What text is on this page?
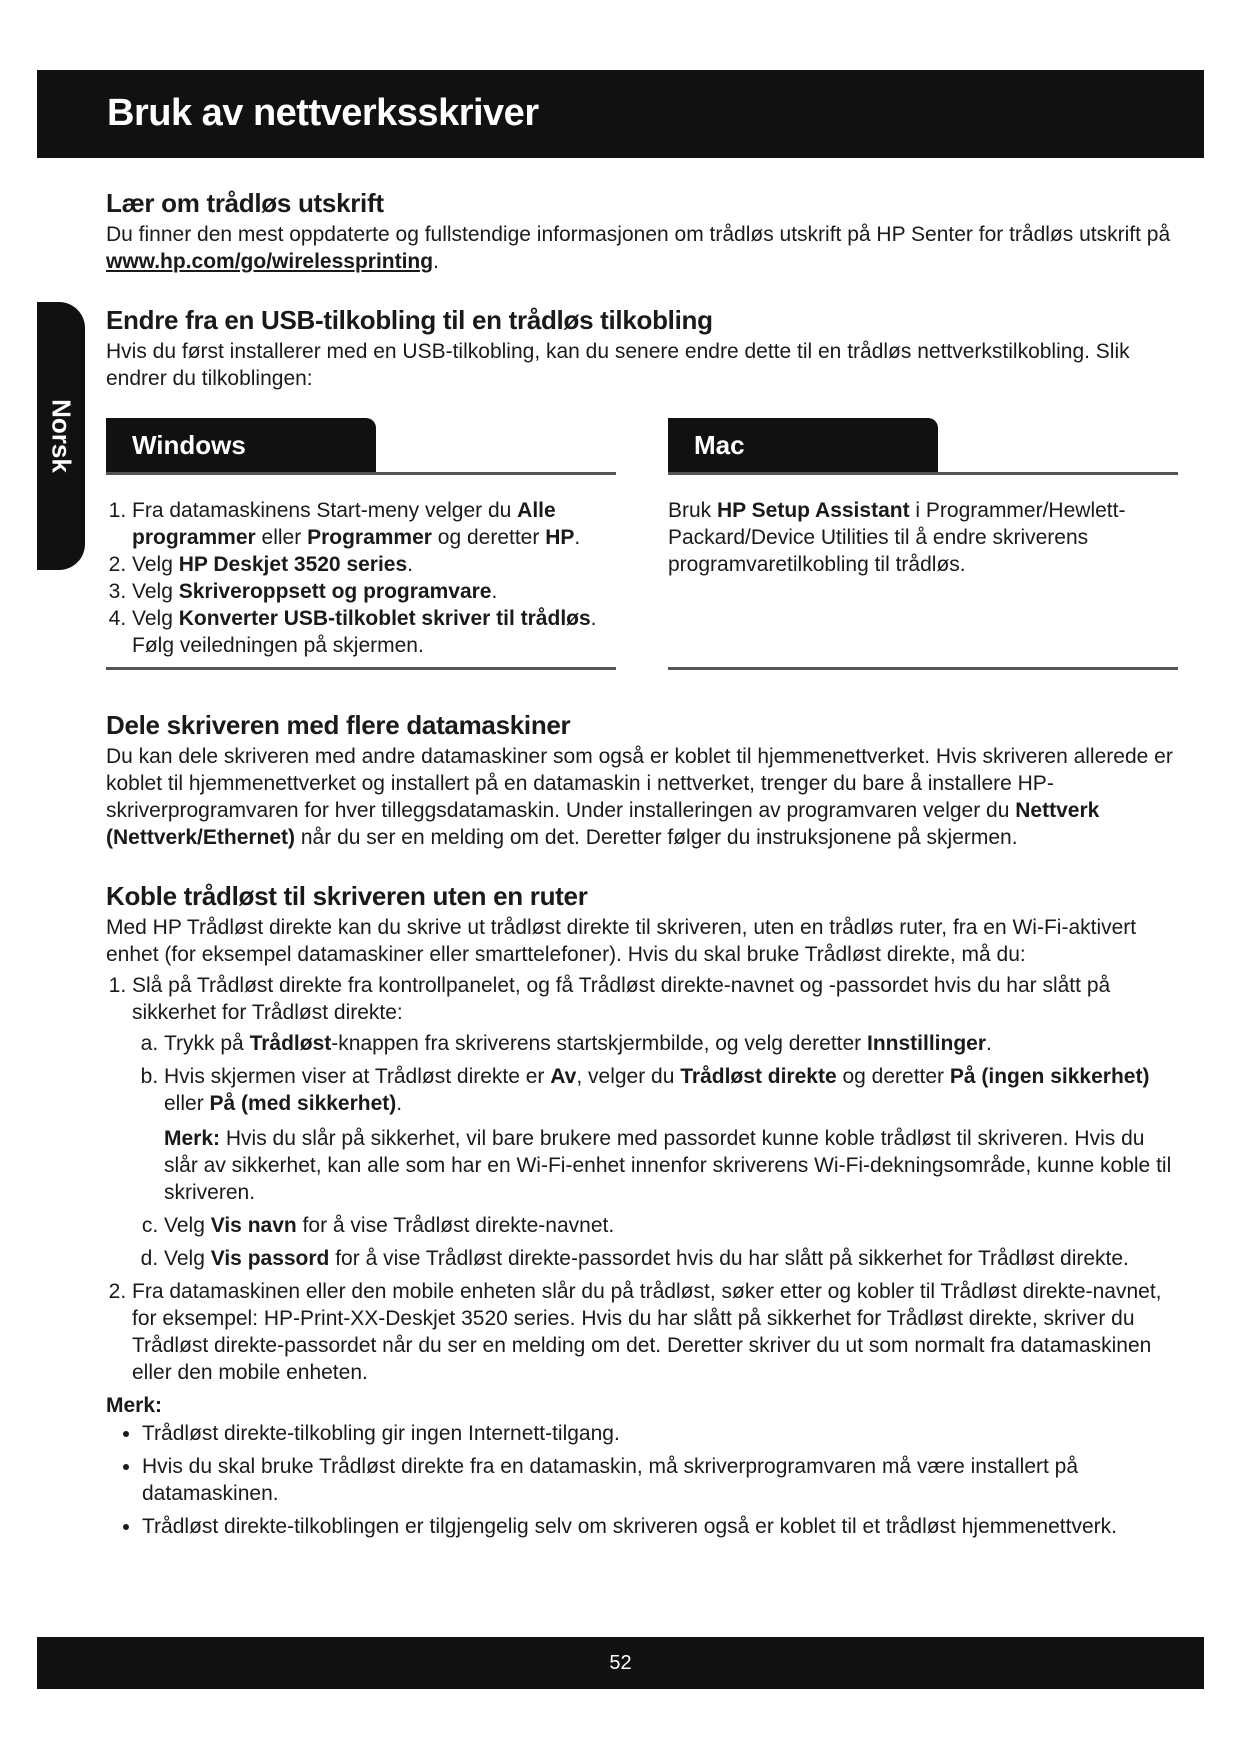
Bruk av nettverksskriver
Norsk
Lær om trådløs utskrift

Du finner den mest oppdaterte og fullstendige informasjonen om trådløs utskrift på HP Senter for trådløs utskrift på www.hp.com/go/wirelessprinting.

Endre fra en USB-tilkobling til en trådløs tilkobling

Hvis du først installerer med en USB-tilkobling, kan du senere endre dette til en trådløs nettverkstilkobling. Slik endrer du tilkoblingen:

Windows
1. Fra datamaskinens Start-meny velger du Alle programmer eller Programmer og deretter HP.
2. Velg HP Deskjet 3520 series.
3. Velg Skriveroppsett og programvare.
4. Velg Konverter USB-tilkoblet skriver til trådløs. Følg veiledningen på skjermen.
Mac

Bruk HP Setup Assistant i Programmer/Hewlett-Packard/Device Utilities til å endre skriverens programvaretilkobling til trådløs.

Dele skriveren med flere datamaskiner

Du kan dele skriveren med andre datamaskiner som også er koblet til hjemmenettverket. Hvis skriveren allerede er koblet til hjemmenettverket og installert på en datamaskin i nettverket, trenger du bare å installere HP-skriverprogramvaren for hver tilleggsdatamaskin. Under installeringen av programvaren velger du Nettverk (Nettverk/Ethernet) når du ser en melding om det. Deretter følger du instruksjonene på skjermen.

Koble trådløst til skriveren uten en ruter

Med HP Trådløst direkte kan du skrive ut trådløst direkte til skriveren, uten en trådløs ruter, fra en Wi-Fi-aktivert enhet (for eksempel datamaskiner eller smarttelefoner). Hvis du skal bruke Trådløst direkte, må du:

1. Slå på Trådløst direkte fra kontrollpanelet, og få Trådløst direkte-navnet og -passordet hvis du har slått på sikkerhet for Trådløst direkte:
a. Trykk på Trådløst-knappen fra skriverens startskjermbilde, og velg deretter Innstillinger.
b. Hvis skjermen viser at Trådløst direkte er Av, velger du Trådløst direkte og deretter På (ingen sikkerhet) eller På (med sikkerhet).

Merk: Hvis du slår på sikkerhet, vil bare brukere med passordet kunne koble trådløst til skriveren. Hvis du slår av sikkerhet, kan alle som har en Wi-Fi-enhet innenfor skriverens Wi-Fi-dekningsområde, kunne koble til skriveren.

c. Velg Vis navn for å vise Trådløst direkte-navnet.
d. Velg Vis passord for å vise Trådløst direkte-passordet hvis du har slått på sikkerhet for Trådløst direkte.
2. Fra datamaskinen eller den mobile enheten slår du på trådløst, søker etter og kobler til Trådløst direkte-navnet, for eksempel: HP-Print-XX-Deskjet 3520 series. Hvis du har slått på sikkerhet for Trådløst direkte, skriver du Trådløst direkte-passordet når du ser en melding om det. Deretter skriver du ut som normalt fra datamaskinen eller den mobile enheten.
Merk:
• Trådløst direkte-tilkobling gir ingen Internett-tilgang.
• Hvis du skal bruke Trådløst direkte fra en datamaskin, må skriverprogramvaren må være installert på datamaskinen.
• Trådløst direkte-tilkoblingen er tilgjengelig selv om skriveren også er koblet til et trådløst hjemmenettverk.
52
